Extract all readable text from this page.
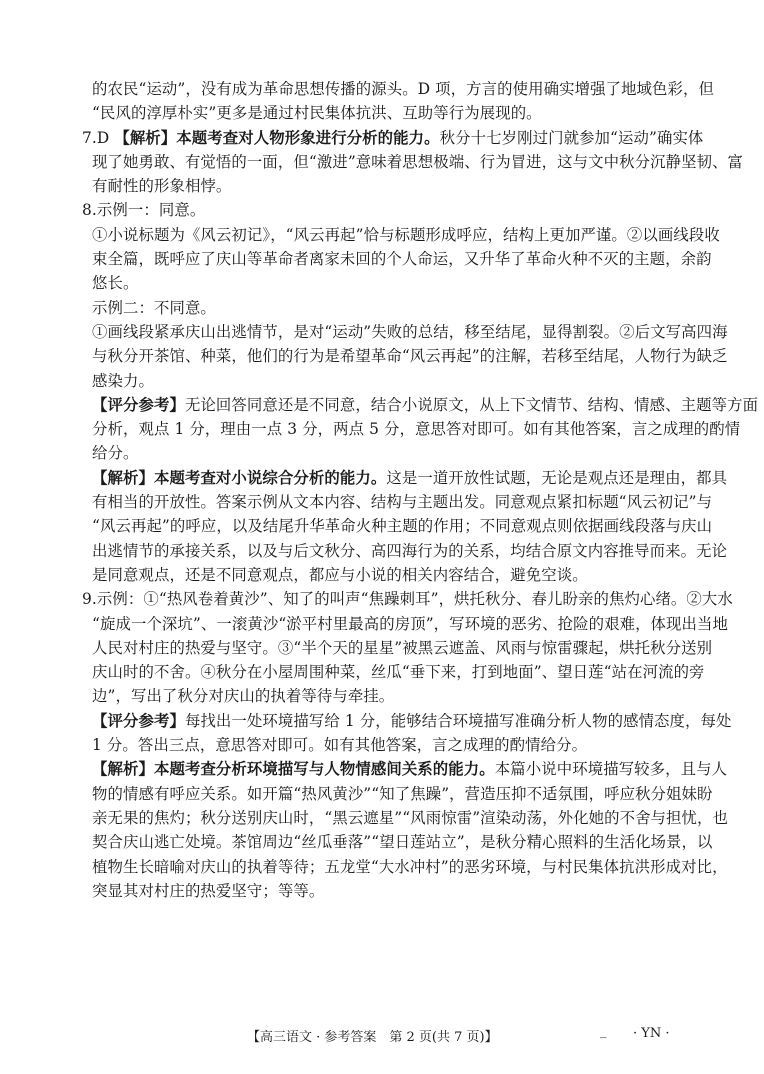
的农民“运动”，没有成为革命思想传播的源头。D 项，方言的使用确实增强了地域色彩，但
“民风的淳厚朴实”更多是通过村民集体抗洪、互助等行为展现的。
7.D 【解析】本题考查对人物形象进行分析的能力。秋分十七岁刚过门就参加“运动”确实体
现了她勇敢、有觉悟的一面，但“激进”意味着思想极端、行为冒进，这与文中秋分沉静坚韧、富
有耐性的形象相悖。
8.示例一：同意。
①小说标题为《风云初记》，“风云再起”恰与标题形成呼应，结构上更加严谨。②以画线段收
束全篇，既呼应了庆山等革命者离家未回的个人命运，又升华了革命火种不灭的主题，余韵
悠长。
示例二：不同意。
①画线段紧承庆山出逃情节，是对“运动”失败的总结，移至结尾，显得割裂。②后文写高四海
与秋分开茶馆、种菜，他们的行为是希望革命“风云再起”的注解，若移至结尾，人物行为缺乏
感染力。
【评分参考】无论回答同意还是不同意，结合小说原文，从上下文情节、结构、情感、主题等方面
分析，观点 1 分，理由一点 3 分，两点 5 分，意思答对即可。如有其他答案，言之成理的酌情
给分。
【解析】本题考查对小说综合分析的能力。这是一道开放性试题，无论是观点还是理由，都具
有相当的开放性。答案示例从文本内容、结构与主题出发。同意观点紧扣标题“风云初记”与
“风云再起”的呼应，以及结尾升华革命火种主题的作用；不同意观点则依据画线段落与庆山
出逃情节的承接关系，以及与后文秋分、高四海行为的关系，均结合原文内容推导而来。无论
是同意观点，还是不同意观点，都应与小说的相关内容结合，避免空谈。
9.示例：①“热风卷着黄沙”、知了的叫声“焦躁刺耳”，烘托秋分、春儿盼亲的焦灼心绪。②大水
“旋成一个深坑”、一滚黄沙“淤平村里最高的房顶”，写环境的恶劣、抢险的艰难，体现出当地
人民对村庄的热爱与坚守。③“半个天的星星”被黑云遮盖、风雨与惊雷骤起，烘托秋分送别
庆山时的不舍。④秋分在小屋周围种菜，丝瓜“垂下来，打到地面”、望日莲“站在河流的旁
边”，写出了秋分对庆山的执着等待与牵挂。
【评分参考】每找出一处环境描写给 1 分，能够结合环境描写准确分析人物的感情态度，每处
1 分。答出三点，意思答对即可。如有其他答案，言之成理的酌情给分。
【解析】本题考查分析环境描写与人物情感间关系的能力。本篇小说中环境描写较多，且与人
物的情感有呼应关系。如开篇“热风黄沙”“知了焦躁”，营造压抑不适氛围，呼应秋分姐妹盼
亲无果的焦灼；秋分送别庆山时，“黑云遮星”“风雨惊雷”渲染动荡，外化她的不舍与担忧，也
契合庆山逃亡处境。茶馆周边“丝瓜垂落”“望日莲站立”，是秋分精心照料的生活化场景，以
植物生长暗喻对庆山的执着等待；五龙堂“大水冲村”的恶劣环境，与村民集体抗洪形成对比，
突显其对村庄的热爱坚守；等等。
【高三语文 · 参考答案　第 2 页(共 7 页)】	_ · YN ·
